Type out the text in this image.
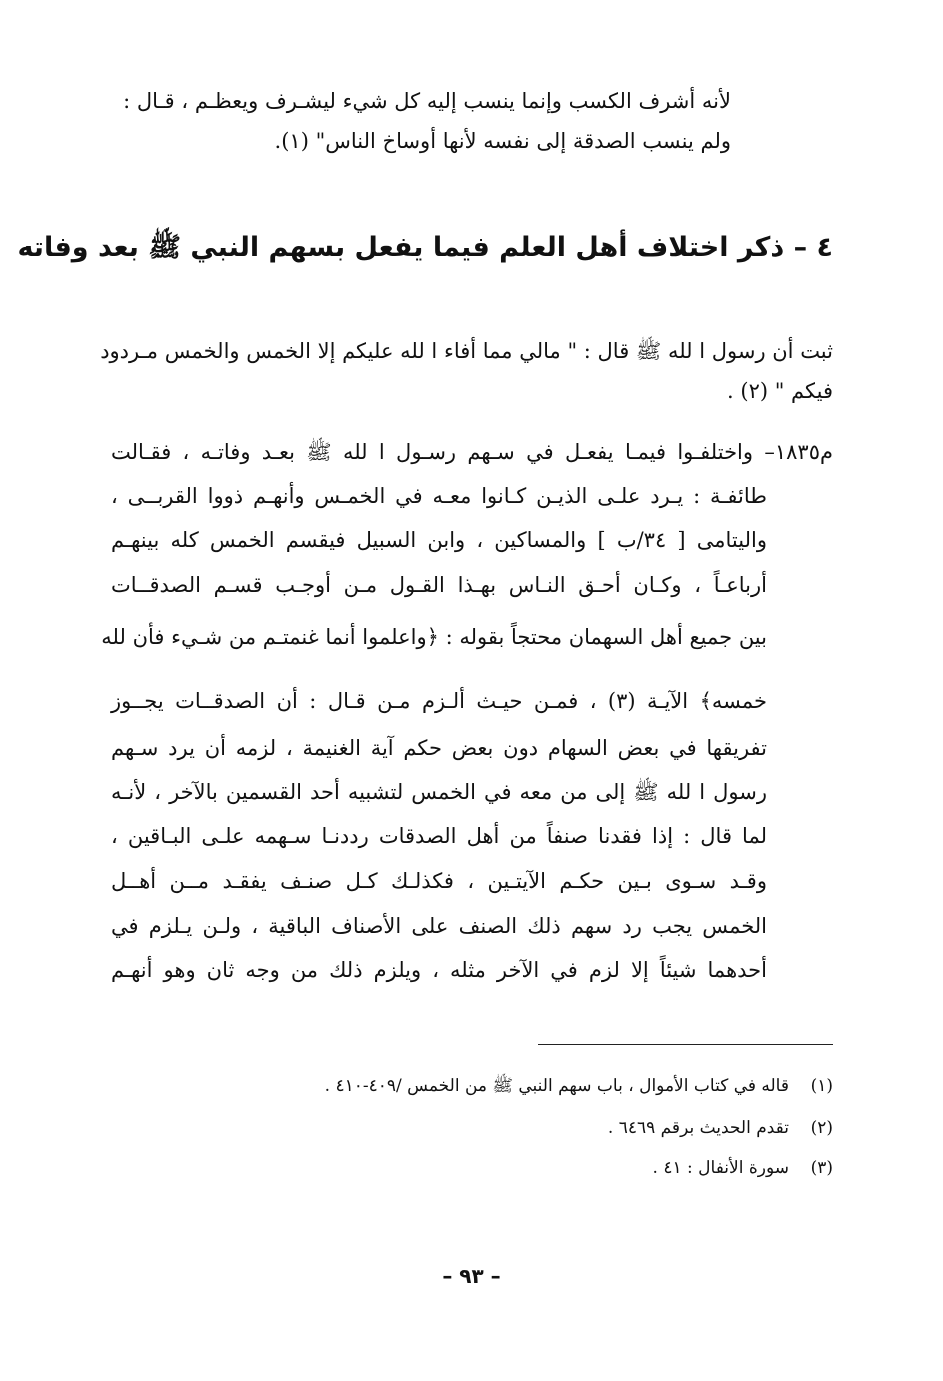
لأنه أشرف الكسب وإنما ينسب إليه كل شيء ليشـرف ويعظـم ، قـال :
ولم ينسب الصدقة إلى نفسه لأنها أوساخ الناس" (١).
٤ – ذكر اختلاف أهل العلم فيما يفعل بسهم النبي ﷺ بعد وفاته
ثبت أن رسول ا لله ﷺ قال : " مالي مما أفاء ا لله عليكم إلا الخمس والخمس مـردود
فيكم " (٢) .
م١٨٣٥– واختلفـوا فيمـا يفعـل في سـهم رسـول ا لله ﷺ بعـد وفاتـه ، فقـالت
طائفـة : يـرد علـى الذيـن كـانوا معـه في الخمـس وأنهـم ذووا القربــى ،
واليتامى [ ٣٤/ب ] والمساكين ، وابن السبيل فيقسم الخمس كله بينهـم
أرباعـاً ، وكـان أحـق النـاس بهـذا القـول مـن أوجـب قسـم الصدقــات
بين جميع أهل السهمان محتجاً بقوله : ﴿واعلموا أنما غنمتـم من شـيء فأن لله
خمسه﴾ الآيـة (٣) ، فمـن حيـث ألـزم مـن قـال : أن الصدقــات يجــوز
تفريقها في بعض السهام دون بعض حكم آية الغنيمة ، لزمه أن يرد سـهم
رسول ا لله ﷺ إلى من معه في الخمس لتشبيه أحد القسمين بالآخر ، لأنـه
لما قال : إذا فقدنا صنفاً من أهل الصدقات رددنـا سـهمه علـى البـاقين ،
وقـد سـوى بـين حكـم الآيتـين ، فكذلـك كـل صنـف يفقـد مــن أهــل
الخمس يجب رد سهم ذلك الصنف على الأصناف الباقية ، ولـن يـلزم في
أحدهما شيئاً إلا لزم في الآخر مثله ، ويلزم ذلك من وجه ثان وهو أنهـم
(١)
قاله في كتاب الأموال ، باب سهم النبي ﷺ من الخمس /٤٠٩-٤١٠ .
(٢)
تقدم الحديث برقم ٦٤٦٩ .
(٣)
سورة الأنفال : ٤١ .
– ٩٣ –
